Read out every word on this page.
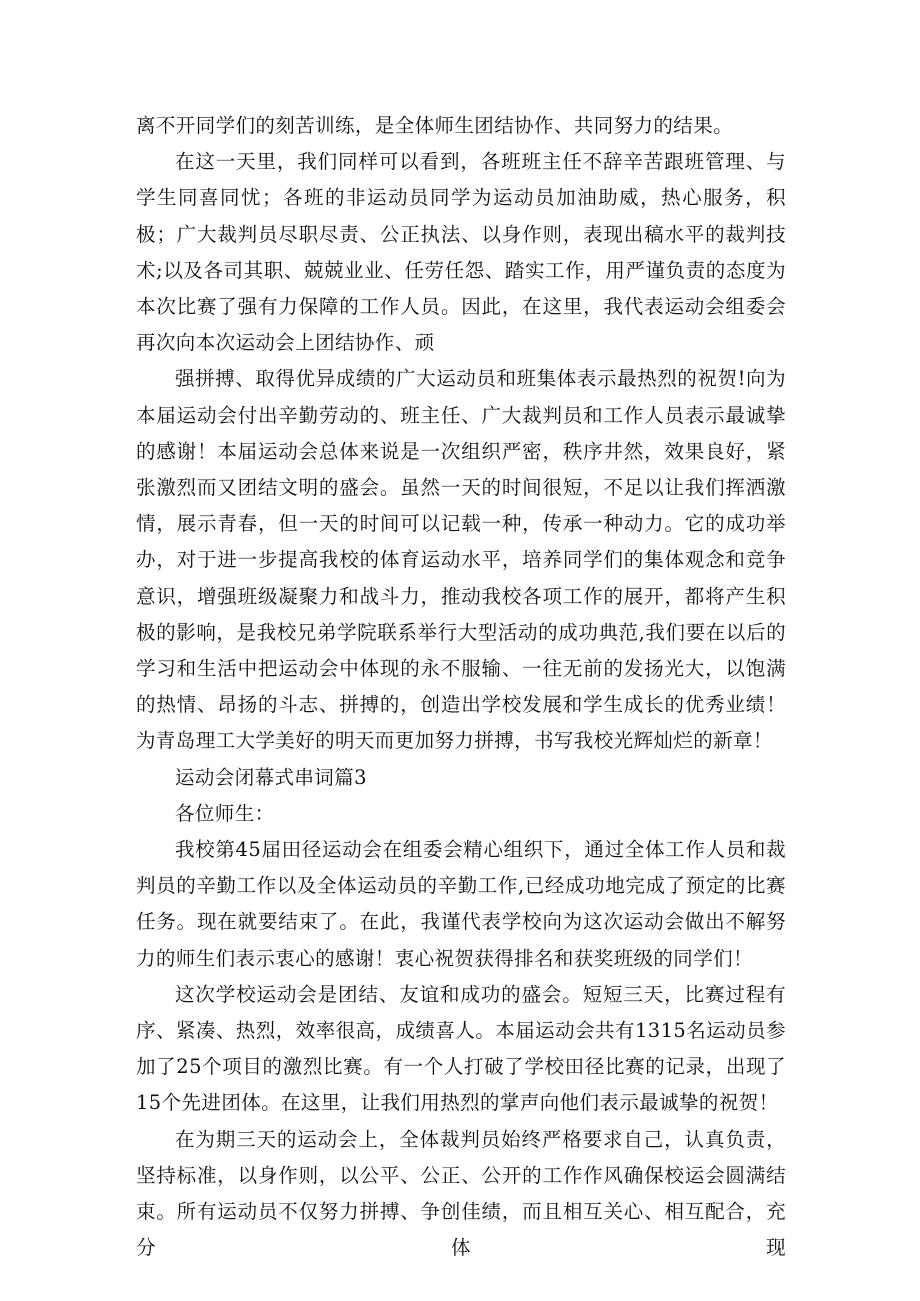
离不开同学们的刻苦训练，是全体师生团结协作、共同努力的结果。

在这一天里，我们同样可以看到，各班班主任不辞辛苦跟班管理、与学生同喜同忧；各班的非运动员同学为运动员加油助威，热心服务，积极；广大裁判员尽职尽责、公正执法、以身作则，表现出稿水平的裁判技术;以及各司其职、兢兢业业、任劳任怨、踏实工作，用严谨负责的态度为本次比赛了强有力保障的工作人员。因此，在这里，我代表运动会组委会再次向本次运动会上团结协作、顽

强拼搏、取得优异成绩的广大运动员和班集体表示最热烈的祝贺!向为本届运动会付出辛勤劳动的、班主任、广大裁判员和工作人员表示最诚挚的感谢！本届运动会总体来说是一次组织严密，秩序井然，效果良好，紧张激烈而又团结文明的盛会。虽然一天的时间很短，不足以让我们挥洒激情，展示青春，但一天的时间可以记载一种，传承一种动力。它的成功举办，对于进一步提高我校的体育运动水平，培养同学们的集体观念和竞争意识，增强班级凝聚力和战斗力，推动我校各项工作的展开，都将产生积极的影响，是我校兄弟学院联系举行大型活动的成功典范,我们要在以后的学习和生活中把运动会中体现的永不服输、一往无前的发扬光大，以饱满的热情、昂扬的斗志、拼搏的，创造出学校发展和学生成长的优秀业绩！为青岛理工大学美好的明天而更加努力拼搏，书写我校光辉灿烂的新章！

运动会闭幕式串词篇3

各位师生：

我校第45届田径运动会在组委会精心组织下，通过全体工作人员和裁判员的辛勤工作以及全体运动员的辛勤工作,已经成功地完成了预定的比赛任务。现在就要结束了。在此，我谨代表学校向为这次运动会做出不解努力的师生们表示衷心的感谢！衷心祝贺获得排名和获奖班级的同学们！

这次学校运动会是团结、友谊和成功的盛会。短短三天，比赛过程有序、紧凑、热烈，效率很高，成绩喜人。本届运动会共有1315名运动员参加了25个项目的激烈比赛。有一个人打破了学校田径比赛的记录，出现了15个先进团体。在这里，让我们用热烈的掌声向他们表示最诚挚的祝贺！

在为期三天的运动会上，全体裁判员始终严格要求自己，认真负责，坚持标准，以身作则，以公平、公正、公开的工作作风确保校运会圆满结束。所有运动员不仅努力拼搏、争创佳绩，而且相互关心、相互配合，充分体现
